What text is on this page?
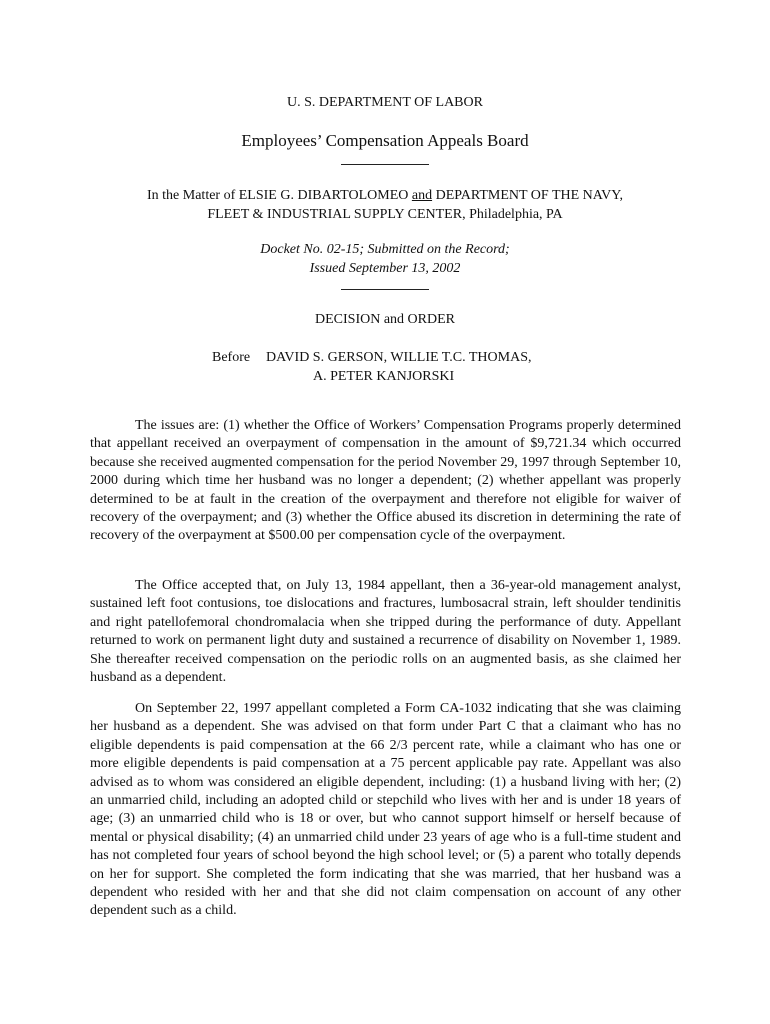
U. S. DEPARTMENT OF LABOR
Employees’ Compensation Appeals Board
In the Matter of ELSIE G. DIBARTOLOMEO and DEPARTMENT OF THE NAVY,
FLEET & INDUSTRIAL SUPPLY CENTER, Philadelphia, PA
Docket No. 02-15; Submitted on the Record;
Issued September 13, 2002
DECISION and ORDER
Before DAVID S. GERSON, WILLIE T.C. THOMAS,
A. PETER KANJORSKI

The issues are: (1) whether the Office of Workers’ Compensation Programs properly determined that appellant received an overpayment of compensation in the amount of $9,721.34 which occurred because she received augmented compensation for the period November 29, 1997 through September 10, 2000 during which time her husband was no longer a dependent; (2) whether appellant was properly determined to be at fault in the creation of the overpayment and therefore not eligible for waiver of recovery of the overpayment; and (3) whether the Office abused its discretion in determining the rate of recovery of the overpayment at $500.00 per compensation cycle of the overpayment.

The Office accepted that, on July 13, 1984 appellant, then a 36-year-old management analyst, sustained left foot contusions, toe dislocations and fractures, lumbosacral strain, left shoulder tendinitis and right patellofemoral chondromalacia when she tripped during the performance of duty. Appellant returned to work on permanent light duty and sustained a recurrence of disability on November 1, 1989. She thereafter received compensation on the periodic rolls on an augmented basis, as she claimed her husband as a dependent.

On September 22, 1997 appellant completed a Form CA-1032 indicating that she was claiming her husband as a dependent. She was advised on that form under Part C that a claimant who has no eligible dependents is paid compensation at the 66 2/3 percent rate, while a claimant who has one or more eligible dependents is paid compensation at a 75 percent applicable pay rate. Appellant was also advised as to whom was considered an eligible dependent, including: (1) a husband living with her; (2) an unmarried child, including an adopted child or stepchild who lives with her and is under 18 years of age; (3) an unmarried child who is 18 or over, but who cannot support himself or herself because of mental or physical disability; (4) an unmarried child under 23 years of age who is a full-time student and has not completed four years of school beyond the high school level; or (5) a parent who totally depends on her for support. She completed the form indicating that she was married, that her husband was a dependent who resided with her and that she did not claim compensation on account of any other dependent such as a child.
